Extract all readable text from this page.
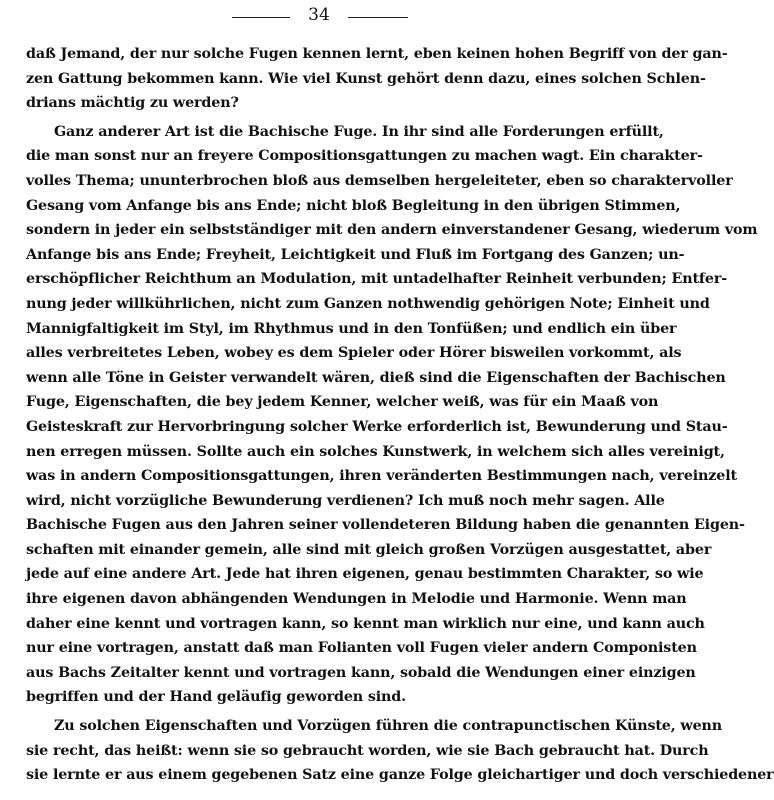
34
daß Jemand, der nur solche Fugen kennen lernt, eben keinen hohen Begriff von der gan-
zen Gattung bekommen kann. Wie viel Kunst gehört denn dazu, eines solchen Schlen-
drians mächtig zu werden?
Ganz anderer Art ist die Bachische Fuge. In ihr sind alle Forderungen erfüllt,
die man sonst nur an freyere Compositionsgattungen zu machen wagt. Ein charakter-
volles Thema; ununterbrochen bloß aus demselben hergeleiteter, eben so charaktervoller
Gesang vom Anfange bis ans Ende; nicht bloß Begleitung in den übrigen Stimmen,
sondern in jeder ein selbstständiger mit den andern einverstandener Gesang, wiederum vom
Anfange bis ans Ende; Freyheit, Leichtigkeit und Fluß im Fortgang des Ganzen; un-
erschöpflicher Reichthum an Modulation, mit untadelhafter Reinheit verbunden; Entfer-
nung jeder willkührlichen, nicht zum Ganzen nothwendig gehörigen Note; Einheit und
Mannigfaltigkeit im Styl, im Rhythmus und in den Tonfüßen; und endlich ein über
alles verbreitetes Leben, wobey es dem Spieler oder Hörer bisweilen vorkommt, als
wenn alle Töne in Geister verwandelt wären, dieß sind die Eigenschaften der Bachischen
Fuge, Eigenschaften, die bey jedem Kenner, welcher weiß, was für ein Maaß von
Geisteskraft zur Hervorbringung solcher Werke erforderlich ist, Bewunderung und Stau-
nen erregen müssen. Sollte auch ein solches Kunstwerk, in welchem sich alles vereinigt,
was in andern Compositionsgattungen, ihren veränderten Bestimmungen nach, vereinzelt
wird, nicht vorzügliche Bewunderung verdienen? Ich muß noch mehr sagen. Alle
Bachische Fugen aus den Jahren seiner vollendeteren Bildung haben die genannten Eigen-
schaften mit einander gemein, alle sind mit gleich großen Vorzügen ausgestattet, aber
jede auf eine andere Art. Jede hat ihren eigenen, genau bestimmten Charakter, so wie
ihre eigenen davon abhängenden Wendungen in Melodie und Harmonie. Wenn man
daher eine kennt und vortragen kann, so kennt man wirklich nur eine, und kann auch
nur eine vortragen, anstatt daß man Folianten voll Fugen vieler andern Componisten
aus Bachs Zeitalter kennt und vortragen kann, sobald die Wendungen einer einzigen
begriffen und der Hand geläufig geworden sind.
Zu solchen Eigenschaften und Vorzügen führen die contrapunctischen Künste, wenn
sie recht, das heißt: wenn sie so gebraucht worden, wie sie Bach gebraucht hat. Durch
sie lernte er aus einem gegebenen Satz eine ganze Folge gleichartiger und doch verschiedener
